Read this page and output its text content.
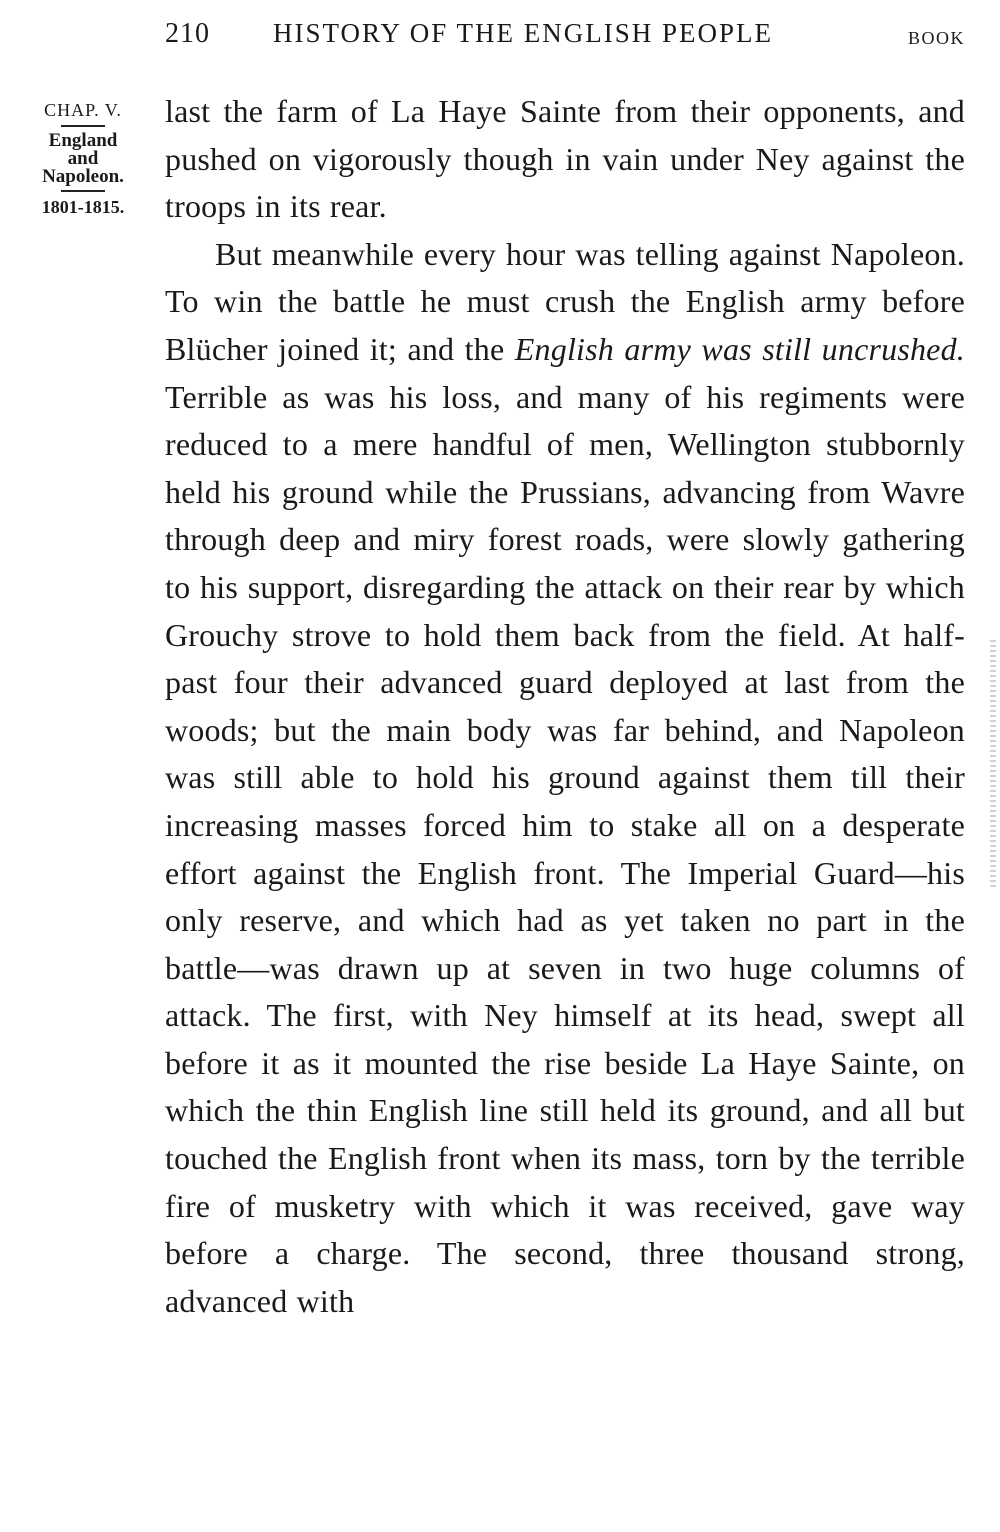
210 HISTORY OF THE ENGLISH PEOPLE	BOOK
CHAP. V.
England
and
Napoleon.
1801-1815.

last the farm of La Haye Sainte from their opponents, and pushed on vigorously though in vain under Ney against the troops in its rear.

But meanwhile every hour was telling against Napoleon. To win the battle he must crush the English army before Blücher joined it; and the English army was still uncrushed. Terrible as was his loss, and many of his regiments were reduced to a mere handful of men, Wellington stubbornly held his ground while the Prussians, advancing from Wavre through deep and miry forest roads, were slowly gathering to his support, disregarding the attack on their rear by which Grouchy strove to hold them back from the field. At half-past four their advanced guard deployed at last from the woods; but the main body was far behind, and Napoleon was still able to hold his ground against them till their increasing masses forced him to stake all on a desperate effort against the English front. The Imperial Guard—his only reserve, and which had as yet taken no part in the battle—was drawn up at seven in two huge columns of attack. The first, with Ney himself at its head, swept all before it as it mounted the rise beside La Haye Sainte, on which the thin English line still held its ground, and all but touched the English front when its mass, torn by the terrible fire of musketry with which it was received, gave way before a charge. The second, three thousand strong, advanced with
